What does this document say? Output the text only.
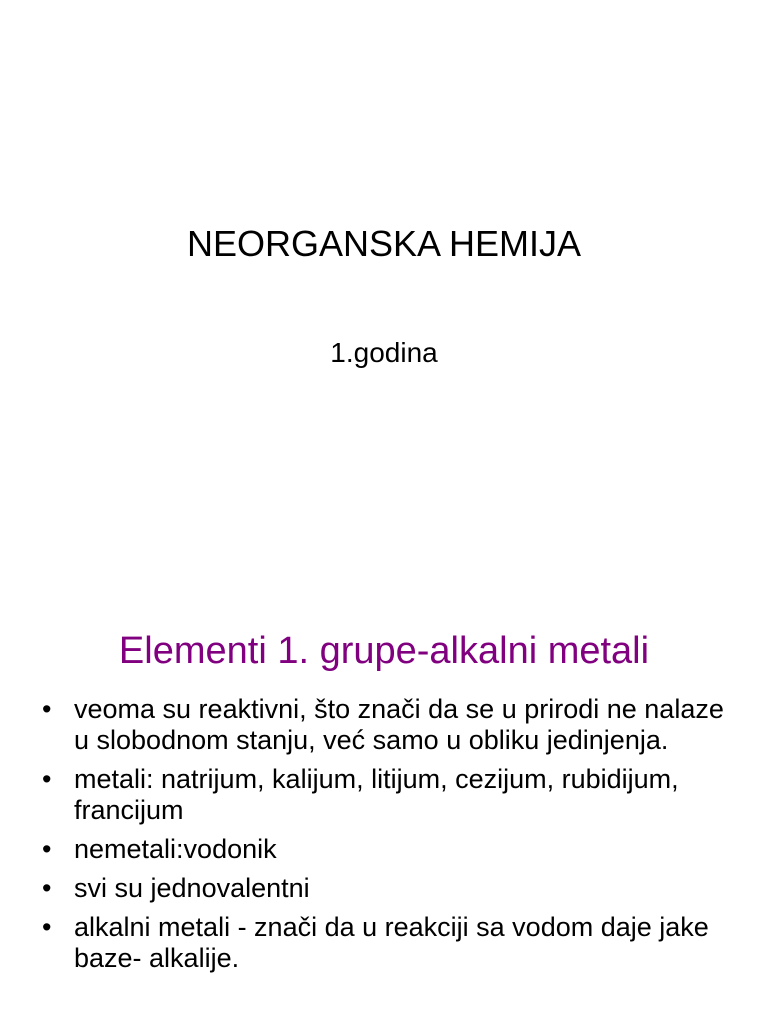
NEORGANSKA HEMIJA
1.godina
Elementi 1. grupe-alkalni metali
• veoma su reaktivni, što znači da se u prirodi ne nalaze u slobodnom stanju, već samo u obliku jedinjenja.
• metali: natrijum, kalijum, litijum, cezijum, rubidijum, francijum
• nemetali:vodonik
• svi su jednovalentni
• alkalni metali - znači da u reakciji sa vodom daje jake baze- alkalije.
